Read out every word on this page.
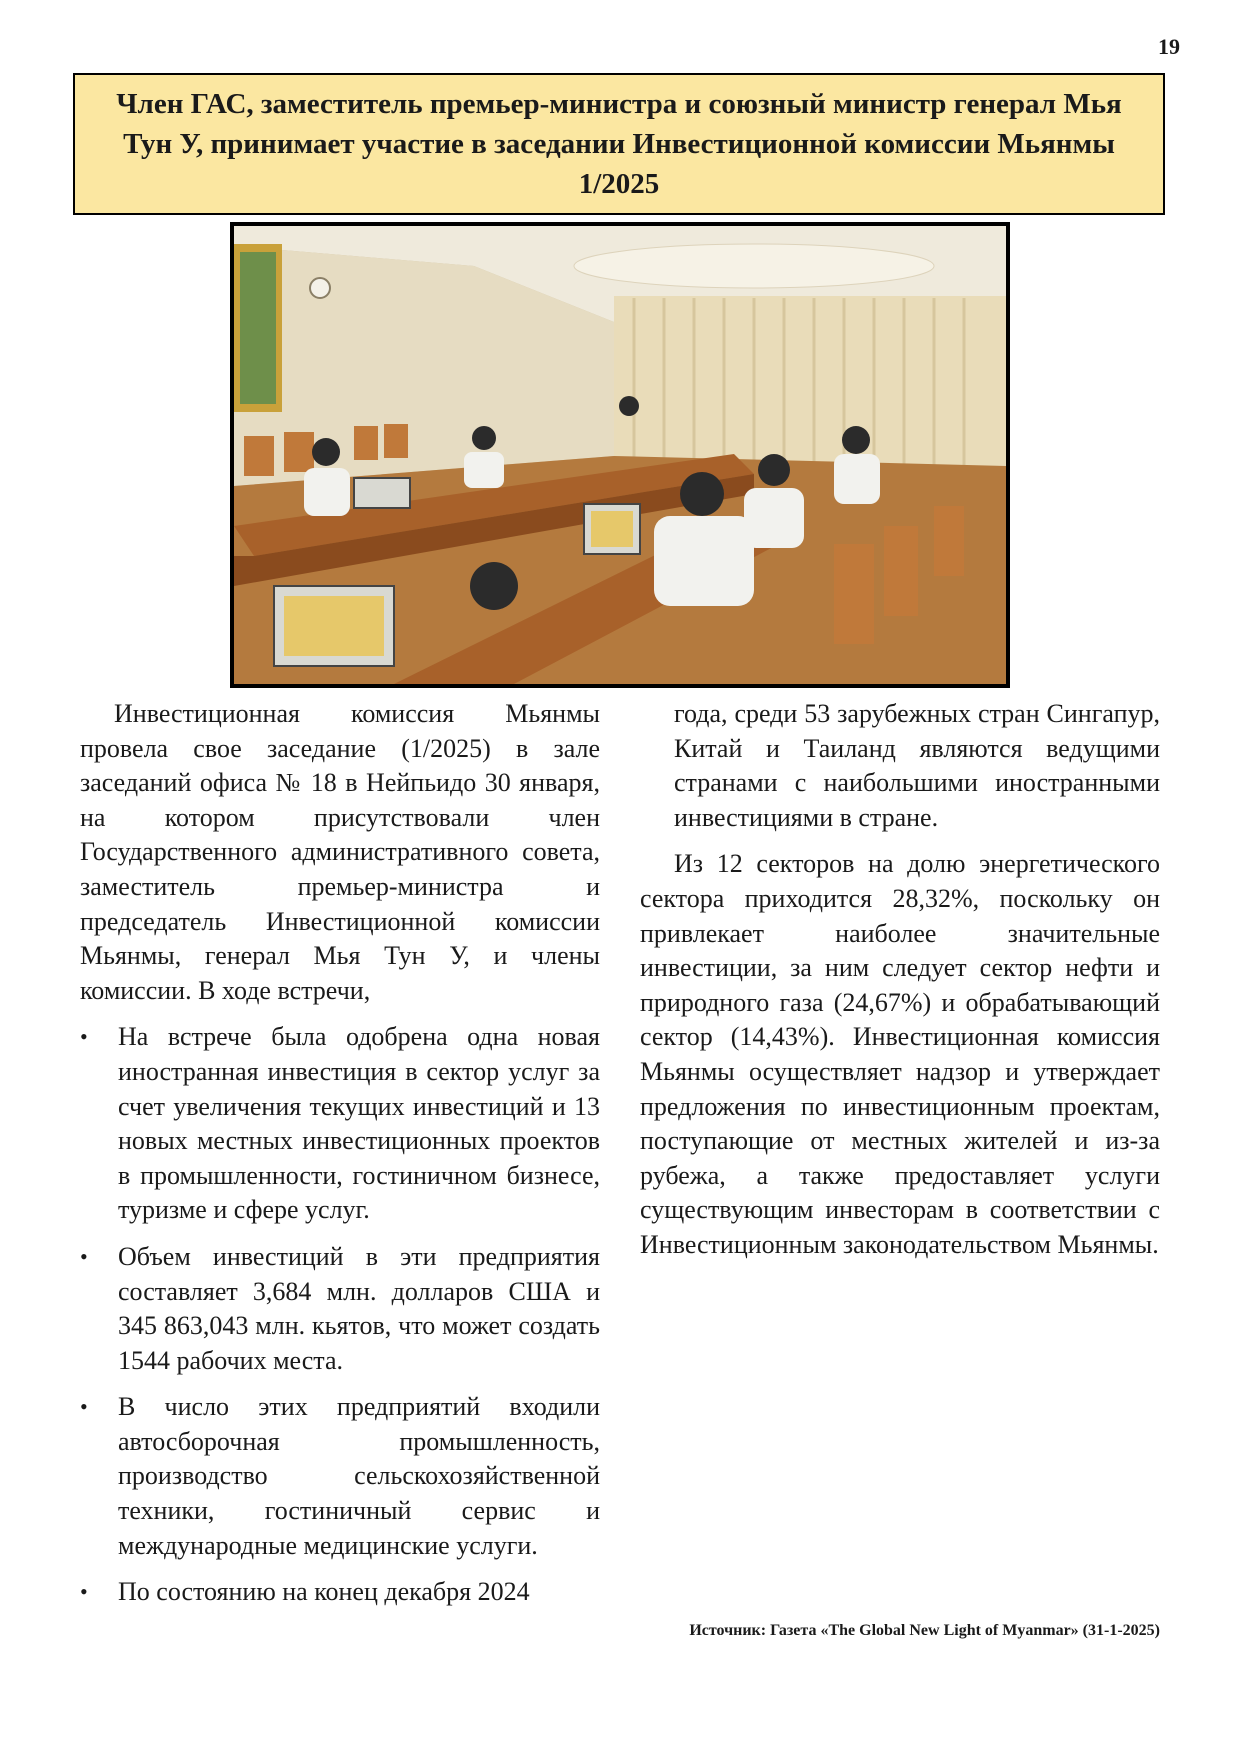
19
Член ГАС, заместитель премьер-министра и союзный министр генерал Мья Тун У, принимает участие в заседании Инвестиционной комиссии Мьянмы 1/2025

Инвестиционная комиссия Мьянмы провела свое заседание (1/2025) в зале заседаний офиса № 18 в Нейпьидо 30 января, на котором присутствовали член Государственного административного совета, заместитель премьер-министра и председатель Инвестиционной комиссии Мьянмы, генерал Мья Тун У, и члены комиссии. В ходе встречи,

• На встрече была одобрена одна новая иностранная инвестиция в сектор услуг за счет увеличения текущих инвестиций и 13 новых местных инвестиционных проектов в промышленности, гостиничном бизнесе, туризме и сфере услуг.
• Объем инвестиций в эти предприятия составляет 3,684 млн. долларов США и 345 863,043 млн. кьятов, что может создать 1544 рабочих места.
• В число этих предприятий входили автосборочная промышленность, производство сельскохозяйственной техники, гостиничный сервис и международные медицинские услуги.
• По состоянию на конец декабря 2024

года, среди 53 зарубежных стран Сингапур, Китай и Таиланд являются ведущими странами с наибольшими иностранными инвестициями в стране.

Из 12 секторов на долю энергетического сектора приходится 28,32%, поскольку он привлекает наиболее значительные инвестиции, за ним следует сектор нефти и природного газа (24,67%) и обрабатывающий сектор (14,43%). Инвестиционная комиссия Мьянмы осуществляет надзор и утверждает предложения по инвестиционным проектам, поступающие от местных жителей и из-за рубежа, а также предоставляет услуги существующим инвесторам в соответствии с Инвестиционным законодательством Мьянмы.

Источник: Газета «The Global New Light of Myanmar» (31-1-2025)
